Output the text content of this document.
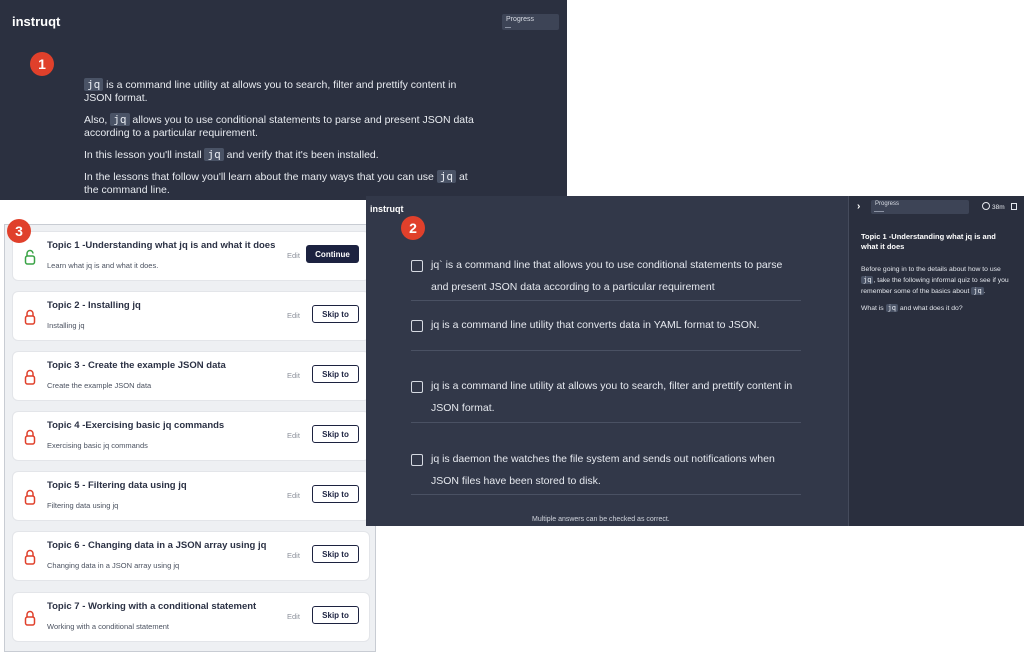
instruqt	Progress
1

jq is a command line utility at allows you to search, filter and prettify content in JSON format.

Also, jq allows you to use conditional statements to parse and present JSON data according to a particular requirement.

In this lesson you'll install jq and verify that it's been installed.

In the lessons that follow you'll learn about the many ways that you can use jq at the command line.

Topic 1 -Understanding what jq is and what it does
Learn what jq is and what it does.
Edit	Continue
Topic 2 - Installing jq
Installing jq
Edit	Skip to
Topic 3 - Create the example JSON data
Create the example JSON data
Edit	Skip to
Topic 4 -Exercising basic jq commands
Exercising basic jq commands
Edit	Skip to
Topic 5 - Filtering data using jq
Filtering data using jq
Edit	Skip to
Topic 6 - Changing data in a JSON array using jq
Changing data in a JSON array using jq
Edit	Skip to
Topic 7 - Working with a conditional statement
Working with a conditional statement
Edit	Skip to
3
instruqt
2
jq` is a command line that allows you to use conditional statements to parse and present JSON data according to a particular requirement
jq is a command line utility that converts data in YAML format to JSON.
jq is a command line utility at allows you to search, filter and prettify content in JSON format.
jq is daemon the watches the file system and sends out notifications when JSON files have been stored to disk.
Multiple answers can be checked as correct.
› Progress	38m
Topic 1 -Understanding what jq is and what it does

Before going in to the details about how to use jq , take the following informal quiz to see if you remember some of the basics about jq .

What is jq and what does it do?
